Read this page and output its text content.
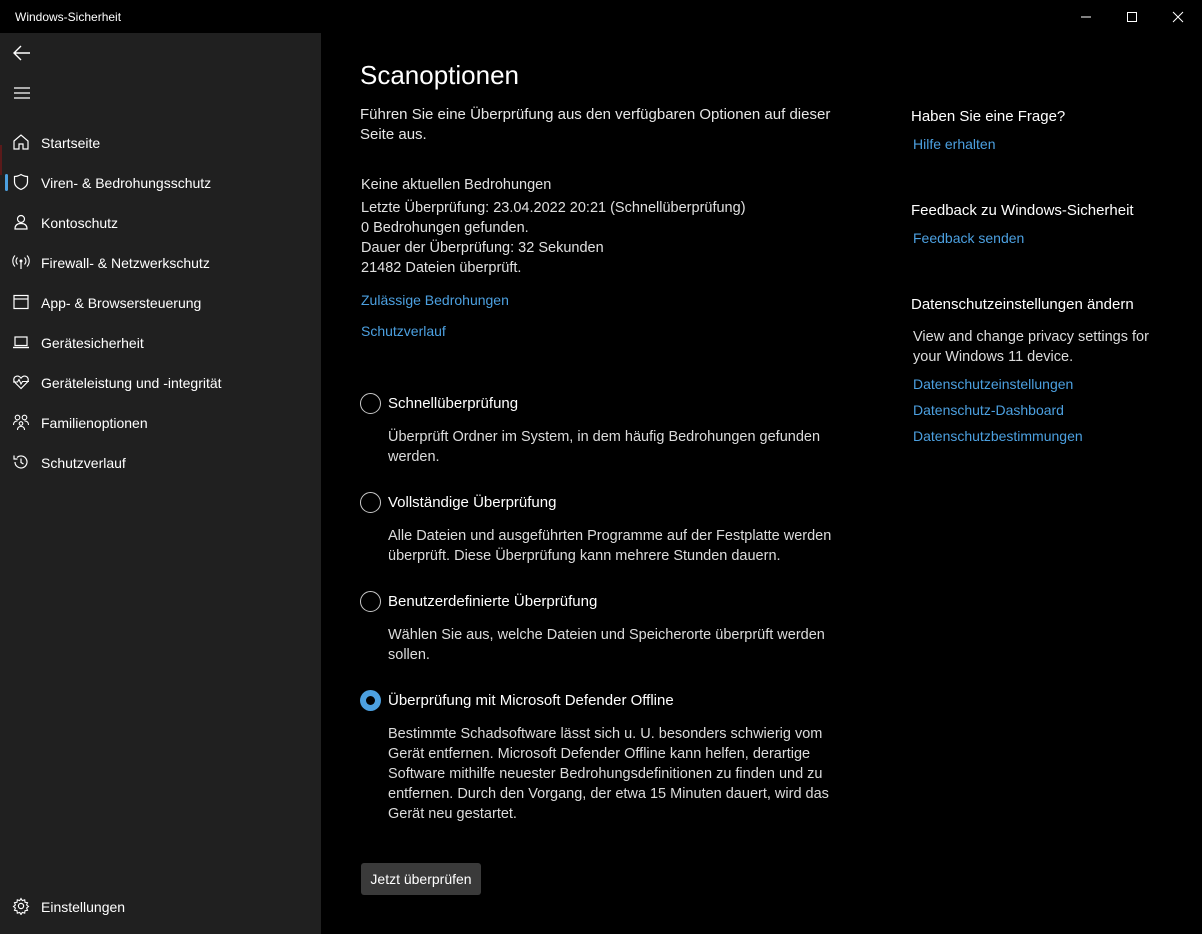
Windows-Sicherheit
Startseite
Viren- & Bedrohungsschutz
Kontoschutz
Firewall- & Netzwerkschutz
App- & Browsersteuerung
Gerätesicherheit
Geräteleistung und -integrität
Familienoptionen
Schutzverlauf
Einstellungen
Scanoptionen
Führen Sie eine Überprüfung aus den verfügbaren Optionen auf dieser Seite aus.
Keine aktuellen Bedrohungen
Letzte Überprüfung: 23.04.2022 20:21 (Schnellüberprüfung)
0 Bedrohungen gefunden.
Dauer der Überprüfung: 32 Sekunden
21482 Dateien überprüft.
Zulässige Bedrohungen
Schutzverlauf
Schnellüberprüfung
Überprüft Ordner im System, in dem häufig Bedrohungen gefunden werden.
Vollständige Überprüfung
Alle Dateien und ausgeführten Programme auf der Festplatte werden überprüft. Diese Überprüfung kann mehrere Stunden dauern.
Benutzerdefinierte Überprüfung
Wählen Sie aus, welche Dateien und Speicherorte überprüft werden sollen.
Überprüfung mit Microsoft Defender Offline
Bestimmte Schadsoftware lässt sich u. U. besonders schwierig vom Gerät entfernen. Microsoft Defender Offline kann helfen, derartige Software mithilfe neuester Bedrohungsdefinitionen zu finden und zu entfernen. Durch den Vorgang, der etwa 15 Minuten dauert, wird das Gerät neu gestartet.
Jetzt überprüfen
Haben Sie eine Frage?
Hilfe erhalten
Feedback zu Windows-Sicherheit
Feedback senden
Datenschutzeinstellungen ändern
View and change privacy settings for your Windows 11 device.
Datenschutzeinstellungen
Datenschutz-Dashboard
Datenschutzbestimmungen
